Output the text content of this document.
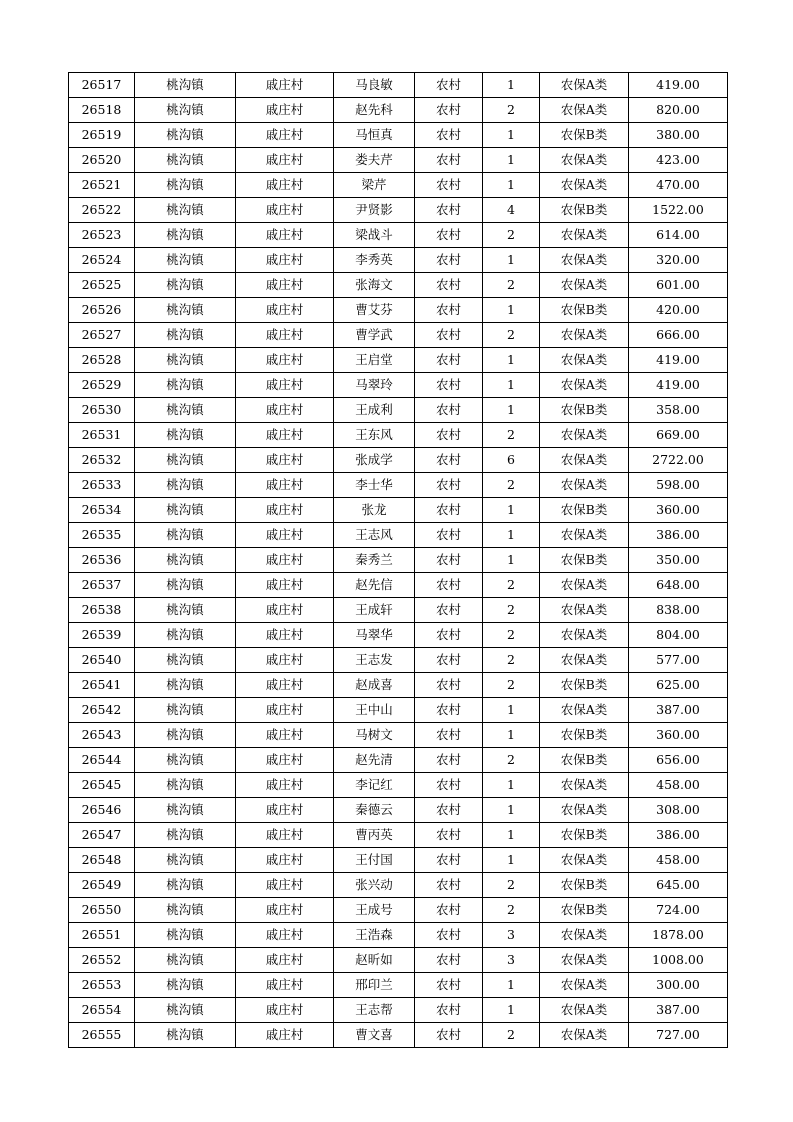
26517	桃沟镇	戚庄村	马良敏	农村	1	农保A类	419.00
26518	桃沟镇	戚庄村	赵先科	农村	2	农保A类	820.00
26519	桃沟镇	戚庄村	马恒真	农村	1	农保B类	380.00
26520	桃沟镇	戚庄村	娄夫芹	农村	1	农保A类	423.00
26521	桃沟镇	戚庄村	梁芹	农村	1	农保A类	470.00
26522	桃沟镇	戚庄村	尹贤影	农村	4	农保B类	1522.00
26523	桃沟镇	戚庄村	梁战斗	农村	2	农保A类	614.00
26524	桃沟镇	戚庄村	李秀英	农村	1	农保A类	320.00
26525	桃沟镇	戚庄村	张海文	农村	2	农保A类	601.00
26526	桃沟镇	戚庄村	曹艾芬	农村	1	农保B类	420.00
26527	桃沟镇	戚庄村	曹学武	农村	2	农保A类	666.00
26528	桃沟镇	戚庄村	王启堂	农村	1	农保A类	419.00
26529	桃沟镇	戚庄村	马翠玲	农村	1	农保A类	419.00
26530	桃沟镇	戚庄村	王成利	农村	1	农保B类	358.00
26531	桃沟镇	戚庄村	王东风	农村	2	农保A类	669.00
26532	桃沟镇	戚庄村	张成学	农村	6	农保A类	2722.00
26533	桃沟镇	戚庄村	李士华	农村	2	农保A类	598.00
26534	桃沟镇	戚庄村	张龙	农村	1	农保B类	360.00
26535	桃沟镇	戚庄村	王志风	农村	1	农保A类	386.00
26536	桃沟镇	戚庄村	秦秀兰	农村	1	农保B类	350.00
26537	桃沟镇	戚庄村	赵先信	农村	2	农保A类	648.00
26538	桃沟镇	戚庄村	王成轩	农村	2	农保A类	838.00
26539	桃沟镇	戚庄村	马翠华	农村	2	农保A类	804.00
26540	桃沟镇	戚庄村	王志发	农村	2	农保A类	577.00
26541	桃沟镇	戚庄村	赵成喜	农村	2	农保B类	625.00
26542	桃沟镇	戚庄村	王中山	农村	1	农保A类	387.00
26543	桃沟镇	戚庄村	马树文	农村	1	农保B类	360.00
26544	桃沟镇	戚庄村	赵先清	农村	2	农保B类	656.00
26545	桃沟镇	戚庄村	李记红	农村	1	农保A类	458.00
26546	桃沟镇	戚庄村	秦德云	农村	1	农保A类	308.00
26547	桃沟镇	戚庄村	曹丙英	农村	1	农保B类	386.00
26548	桃沟镇	戚庄村	王付国	农村	1	农保A类	458.00
26549	桃沟镇	戚庄村	张兴动	农村	2	农保B类	645.00
26550	桃沟镇	戚庄村	王成号	农村	2	农保B类	724.00
26551	桃沟镇	戚庄村	王浩森	农村	3	农保A类	1878.00
26552	桃沟镇	戚庄村	赵昕如	农村	3	农保A类	1008.00
26553	桃沟镇	戚庄村	邢印兰	农村	1	农保A类	300.00
26554	桃沟镇	戚庄村	王志帮	农村	1	农保A类	387.00
26555	桃沟镇	戚庄村	曹文喜	农村	2	农保A类	727.00
